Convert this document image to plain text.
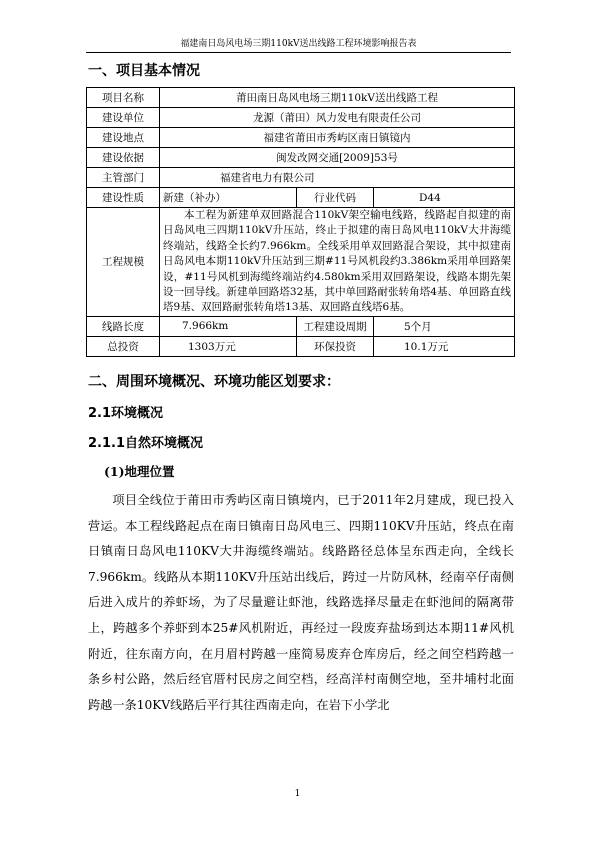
福建南日岛风电场三期110kV送出线路工程环境影响报告表
一、项目基本情况
项目名称	莆田南日岛风电场三期110kV送出线路工程		
建设单位	龙源（莆田）风力发电有限责任公司		
建设地点	福建省莆田市秀屿区南日镇镜内		
建设依据	闽发改网交通[2009]53号		
主管部门	福建省电力有限公司		
建设性质	新建（补办）	行业代码	D44
工程规模	本工程为新建单双回路混合110kV架空输电线路，线路起自拟建的南日岛风电三四期110kV升压站，终止于拟建的南日岛风电110kV大井海缆终端站，线路全长约7.966km。全线采用单双回路混合架设，其中拟建南日岛风电本期110kV升压站到三期#11号风机段约3.386km采用单回路架设，#11号风机到海缆终端站约4.580km采用双回路架设，线路本期先架设一回导线。新建单回路塔32基，其中单回路耐张转角塔4基、单回路直线塔9基、双回路耐张转角塔13基、双回路直线塔6基。		
线路长度	7.966km	工程建设周期	5个月
总投资	1303万元	环保投资	10.1万元
二、周围环境概况、环境功能区划要求：
2.1环境概况
2.1.1自然环境概况
(1)地理位置
项目全线位于莆田市秀屿区南日镇境内，已于2011年2月建成，现已投入营运。本工程线路起点在南日镇南日岛风电三、四期110KV升压站，终点在南日镇南日岛风电110KV大井海缆终端站。线路路径总体呈东西走向，全线长7.966km。线路从本期110KV升压站出线后，跨过一片防风林，经南卒仔南侧后进入成片的养虾场，为了尽量避让虾池，线路选择尽量走在虾池间的隔离带上，跨越多个养虾到本25#风机附近，再经过一段废弃盐场到达本期11#风机附近，往东南方向，在月眉村跨越一座简易废弃仓库房后，经之间空档跨越一条乡村公路，然后经官厝村民房之间空档，经高洋村南侧空地，至井埔村北面跨越一条10KV线路后平行其往西南走向，在岩下小学北
1
